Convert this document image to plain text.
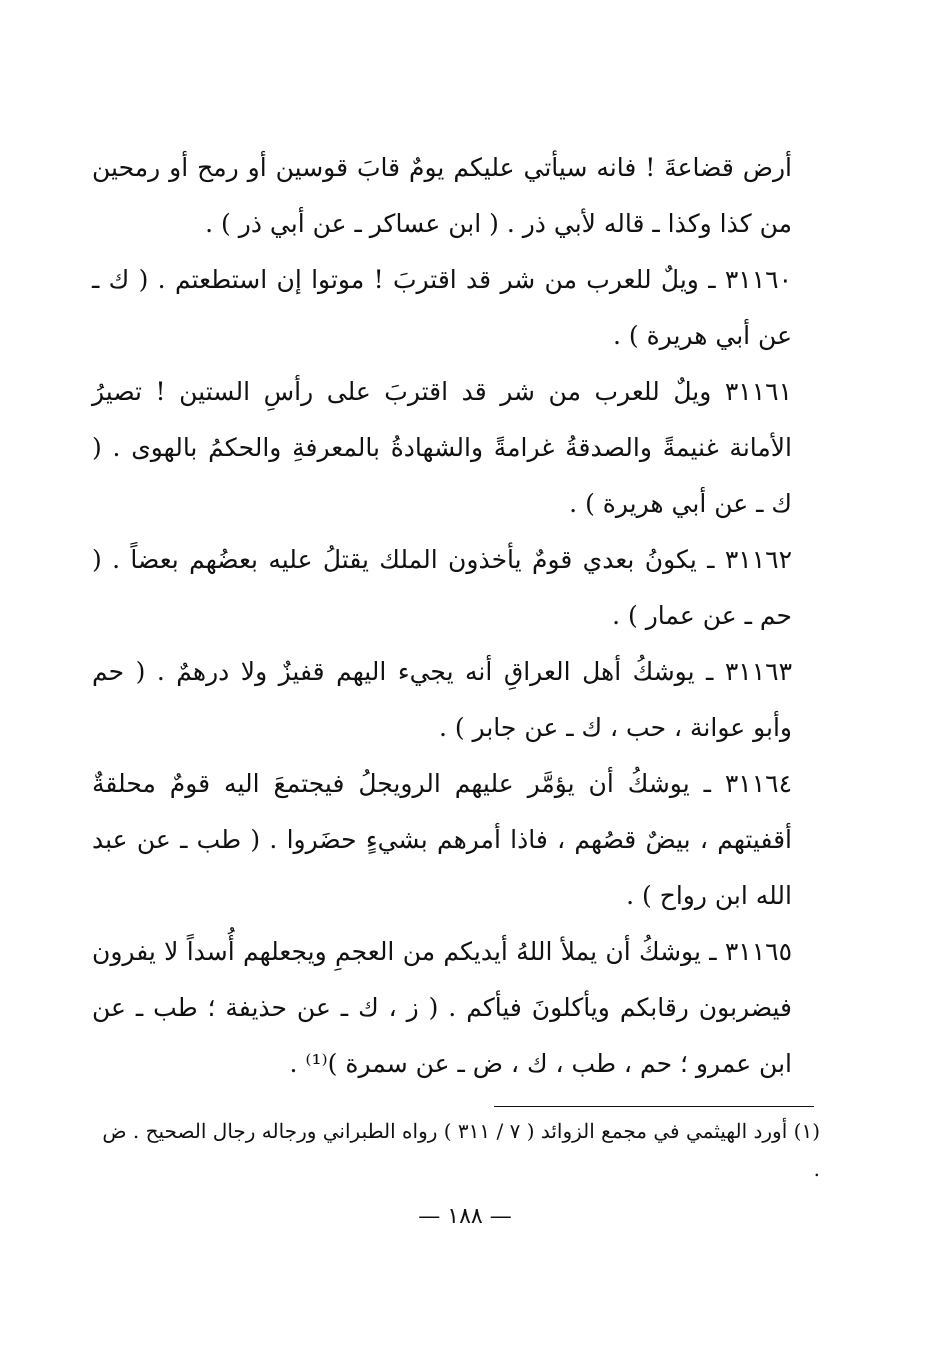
أرض قضاعةَ ! فانه سيأتي عليكم يومٌ قابَ قوسين أو رمح أو رمحين من كذا وكذا ـ قاله لأبي ذر . ( ابن عساكر ـ عن أبي ذر ) .

٣١١٦٠ ـ ويلٌ للعرب من شر قد اقتربَ ! موتوا إن استطعتم . ( ك ـ عن أبي هريرة ) .

٣١١٦١ ويلٌ للعرب من شر قد اقتربَ على رأسِ الستين ! تصيرُ الأمانة غنيمةً والصدقةُ غرامةً والشهادةُ بالمعرفةِ والحكمُ بالهوى . ( ك ـ عن أبي هريرة ) .

٣١١٦٢ ـ يكونُ بعدي قومٌ يأخذون الملك يقتلُ عليه بعضُهم بعضاً . ( حم ـ عن عمار ) .

٣١١٦٣ ـ يوشكُ أهل العراقِ أنه يجيء اليهم قفيزٌ ولا درهمٌ . ( حم وأبو عوانة ، حب ، ك ـ عن جابر ) .

٣١١٦٤ ـ يوشكُ أن يؤمَّر عليهم الرويجلُ فيجتمعَ اليه قومٌ محلقةٌ أقفيتهم ، بيضٌ قصُهم ، فاذا أمرهم بشيءٍ حضَروا . ( طب ـ عن عبد الله ابن رواح ) .

٣١١٦٥ ـ يوشكُ أن يملأ اللهُ أيديكم من العجمِ ويجعلهم أُسداً لا يفرون فيضربون رقابكم ويأكلونَ فيأكم . ( ز ، ك ـ عن حذيفة ؛ طب ـ عن ابن عمرو ؛ حم ، طب ، ك ، ض ـ عن سمرة )⁽¹⁾ .

(١) أورد الهيثمي في مجمع الزوائد ( ٧ / ٣١١ ) رواه الطبراني ورجاله رجال الصحيح . ض .

— ١٨٨ —
